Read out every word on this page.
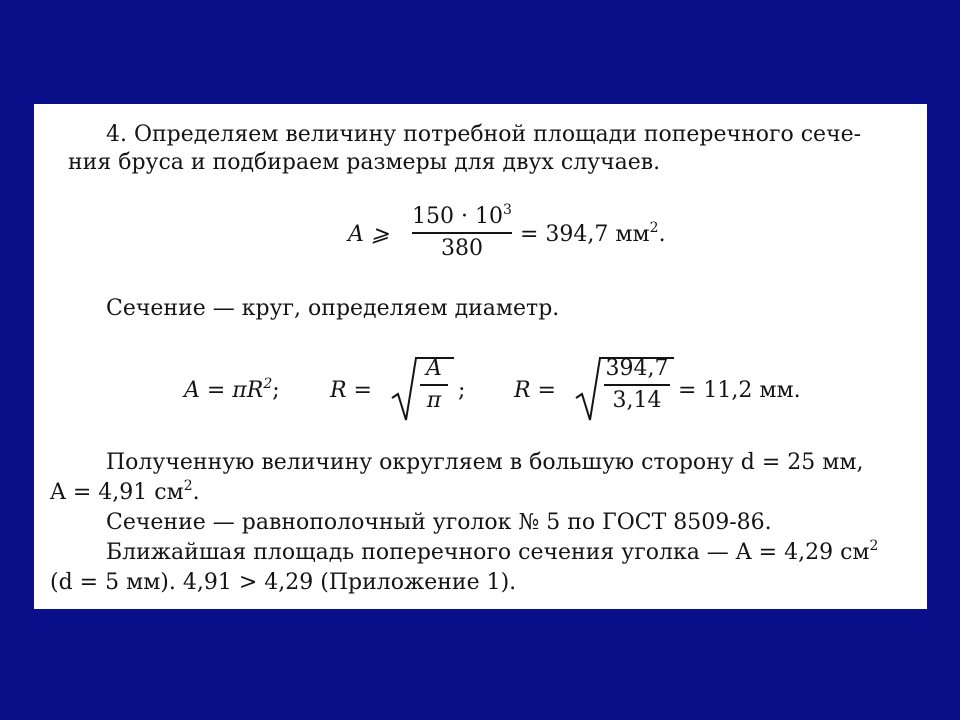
4. Определяем величину потребной площади поперечного сече-
ния бруса и подбираем размеры для двух случаев.
A ⩾
$150 \cdot 10^3$
380
= 394,7 $мм^2$.
Сечение — круг, определяем диаметр.
$A = \pi R^2$; R =
A
π ; R =
394,7
3,14 = 11,2 мм.
Полученную величину округляем в большую сторону d = 25 мм,
A = 4,91 $см^2$.
Сечение — равнополочный уголок № 5 по ГОСТ 8509-86.
Ближайшая площадь поперечного сечения уголка — A = 4,29 $см^2$
(d = 5 мм). 4,91 > 4,29 (Приложение 1).
